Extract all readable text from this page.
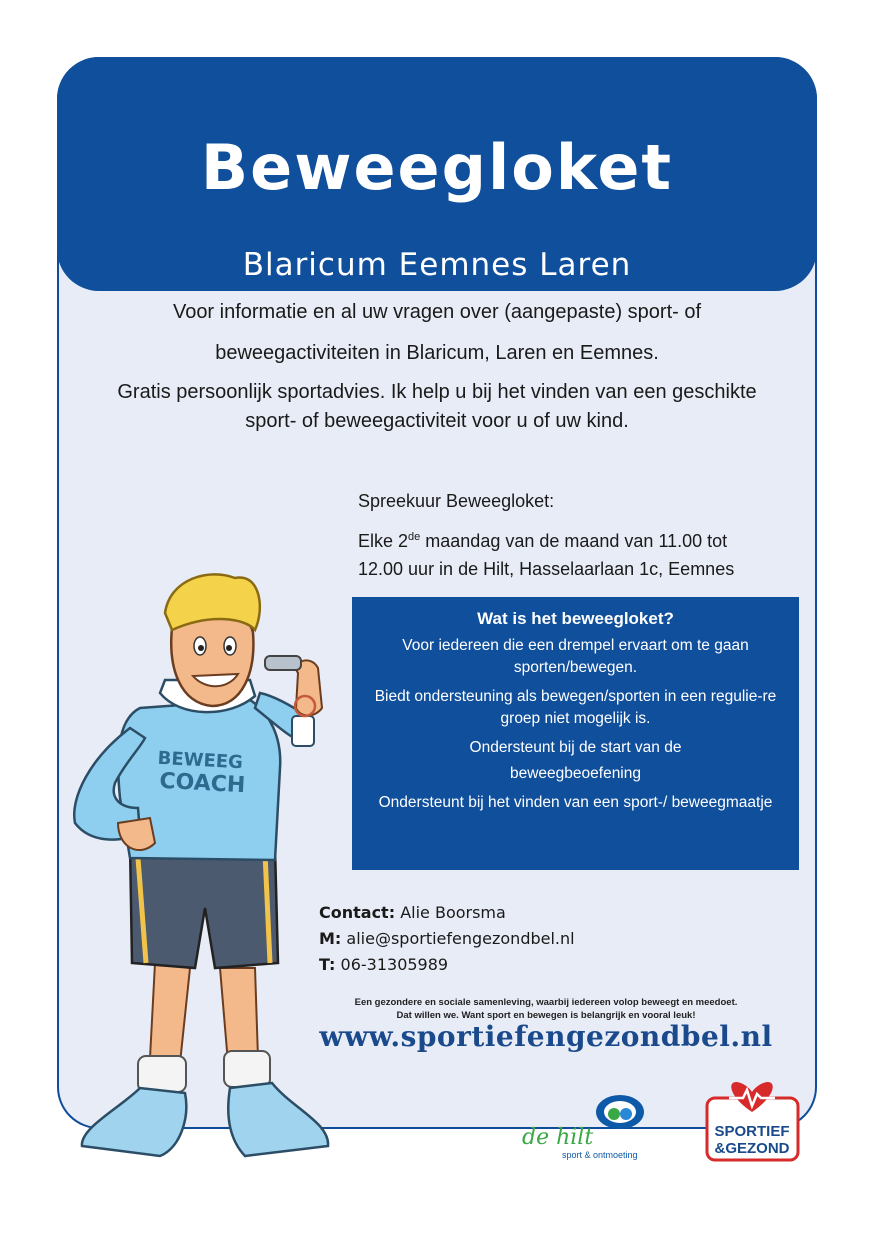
Beweegloket
Blaricum Eemnes Laren
Voor informatie en al uw vragen over (aangepaste) sport- of
beweegactiviteiten in Blaricum, Laren en Eemnes.
Gratis persoonlijk sportadvies. Ik help u bij het vinden van een geschikte
sport- of beweegactiviteit voor u of uw kind.

Spreekuur Beweegloket:

Elke 2de maandag van de maand van 11.00 tot

12.00 uur in de Hilt, Hasselaarlaan 1c, Eemnes

Wat is het beweegloket?

Voor iedereen die een drempel ervaart om te gaan sporten/bewegen.

Biedt ondersteuning als bewegen/sporten in een regulie-re groep niet mogelijk is.

Ondersteunt bij de start van de

beweegbeoefening

Ondersteunt bij het vinden van een sport-/ beweegmaatje

Contact: Alie Boorsma
M: alie@sportiefengezondbel.nl
T: 06-31305989
Een gezondere en sociale samenleving, waarbij iedereen volop beweegt en meedoet.
Dat willen we. Want sport en bewegen is belangrijk en vooral leuk!
www.sportiefengezondbel.nl
de hilt
sport & ontmoeting
SPORTIEF
&GEZOND
BEWEEG
COACH
